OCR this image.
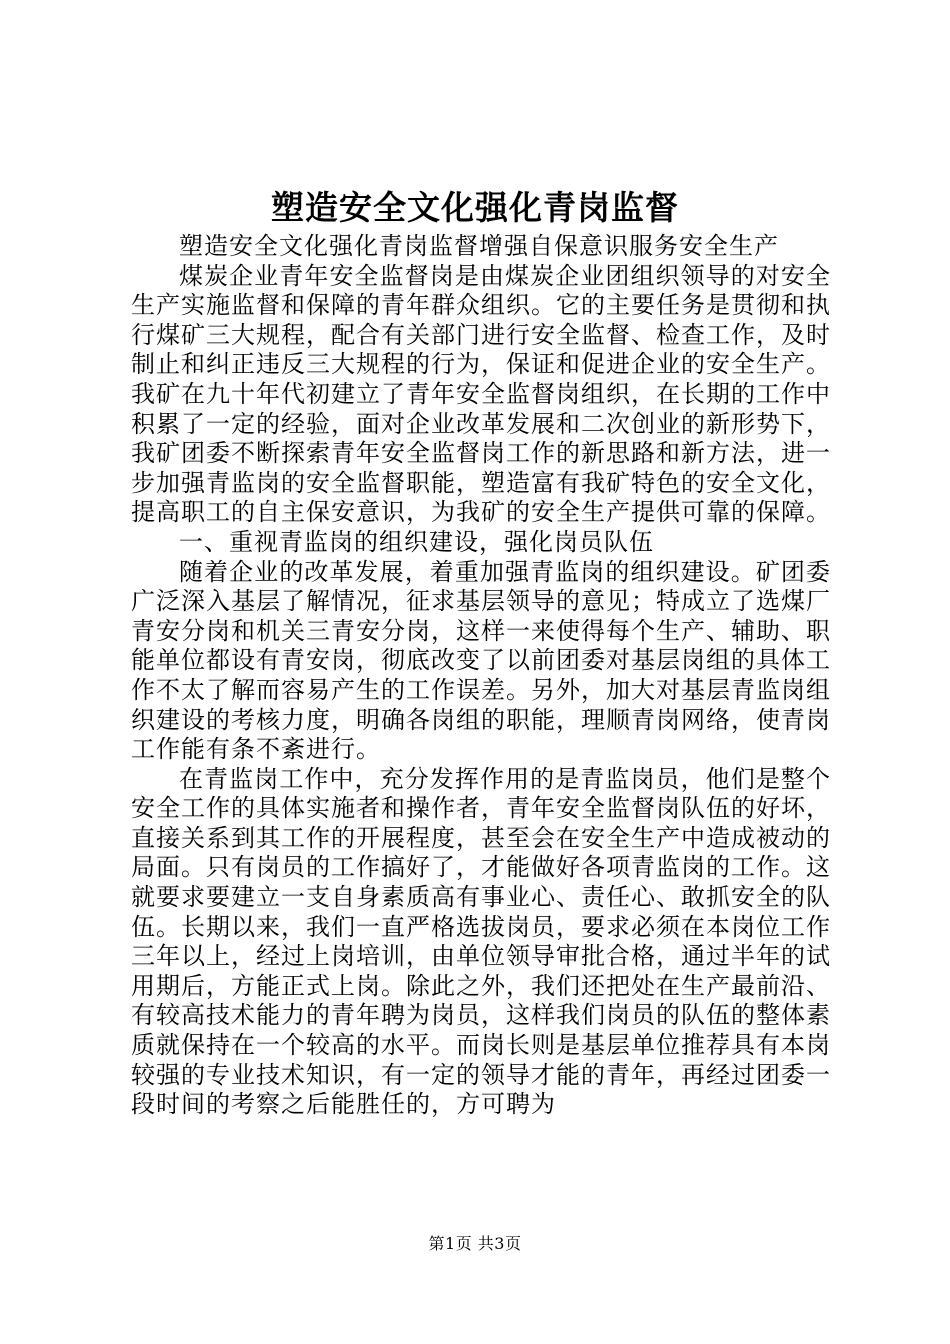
塑造安全文化强化青岗监督

塑造安全文化强化青岗监督增强自保意识服务安全生产

煤炭企业青年安全监督岗是由煤炭企业团组织领导的对安全生产实施监督和保障的青年群众组织。它的主要任务是贯彻和执行煤矿三大规程，配合有关部门进行安全监督、检查工作，及时制止和纠正违反三大规程的行为，保证和促进企业的安全生产。我矿在九十年代初建立了青年安全监督岗组织，在长期的工作中积累了一定的经验，面对企业改革发展和二次创业的新形势下，我矿团委不断探索青年安全监督岗工作的新思路和新方法，进一步加强青监岗的安全监督职能，塑造富有我矿特色的安全文化，提高职工的自主保安意识，为我矿的安全生产提供可靠的保障。

一、重视青监岗的组织建设，强化岗员队伍

随着企业的改革发展，着重加强青监岗的组织建设。矿团委广泛深入基层了解情况，征求基层领导的意见；特成立了选煤厂青安分岗和机关三青安分岗，这样一来使得每个生产、辅助、职能单位都设有青安岗，彻底改变了以前团委对基层岗组的具体工作不太了解而容易产生的工作误差。另外，加大对基层青监岗组织建设的考核力度，明确各岗组的职能，理顺青岗网络，使青岗工作能有条不紊进行。

在青监岗工作中，充分发挥作用的是青监岗员，他们是整个安全工作的具体实施者和操作者，青年安全监督岗队伍的好坏，直接关系到其工作的开展程度，甚至会在安全生产中造成被动的局面。只有岗员的工作搞好了，才能做好各项青监岗的工作。这就要求要建立一支自身素质高有事业心、责任心、敢抓安全的队伍。长期以来，我们一直严格选拔岗员，要求必须在本岗位工作三年以上，经过上岗培训，由单位领导审批合格，通过半年的试用期后，方能正式上岗。除此之外，我们还把处在生产最前沿、有较高技术能力的青年聘为岗员，这样我们岗员的队伍的整体素质就保持在一个较高的水平。而岗长则是基层单位推荐具有本岗较强的专业技术知识，有一定的领导才能的青年，再经过团委一段时间的考察之后能胜任的，方可聘为

第1页 共3页
